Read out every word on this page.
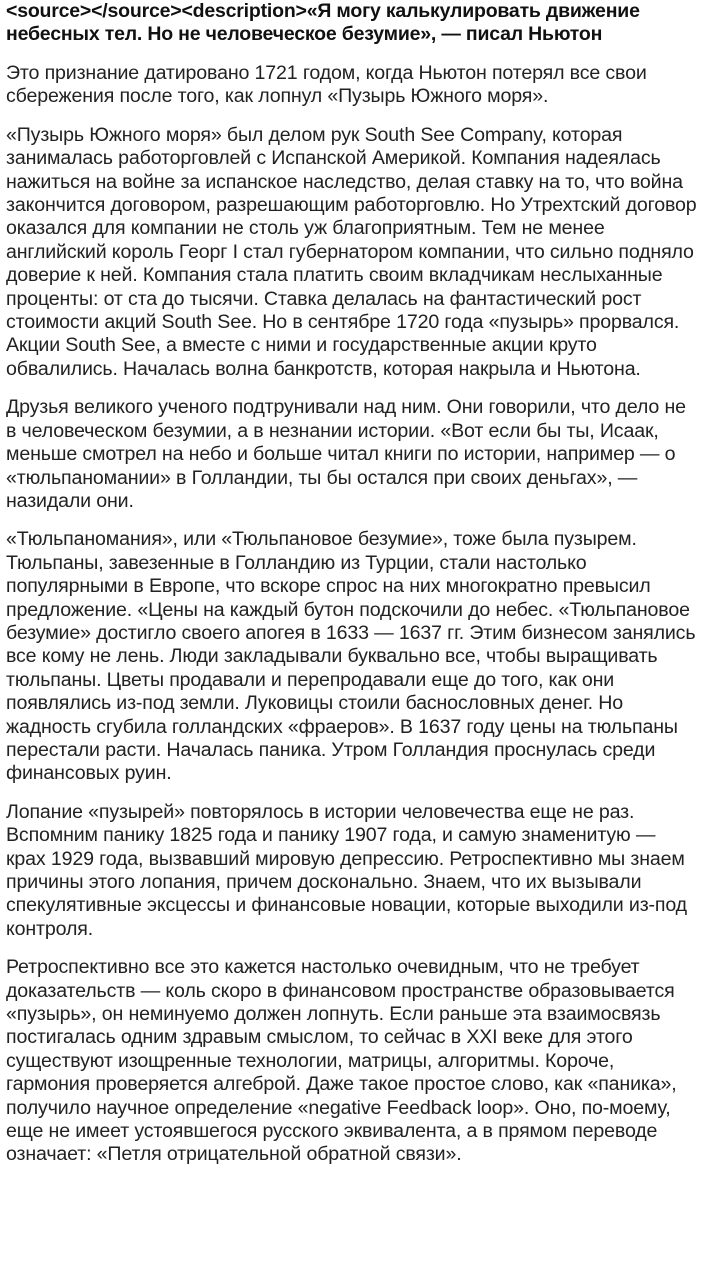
<source></source><description>«Я могу калькулировать движение небесных тел. Но не человеческое безумие», — писал Ньютон

Это признание датировано 1721 годом, когда Ньютон потерял все свои сбережения после того, как лопнул «Пузырь Южного моря».

«Пузырь Южного моря» был делом рук South See Company, которая занималась работорговлей с Испанской Америкой. Компания надеялась нажиться на войне за испанское наследство, делая ставку на то, что война закончится договором, разрешающим работорговлю. Но Утрехтский договор оказался для компании не столь уж благоприятным. Тем не менее английский король Георг I стал губернатором компании, что сильно подняло доверие к ней. Компания стала платить своим вкладчикам неслыханные проценты: от ста до тысячи. Ставка делалась на фантастический рост стоимости акций South See. Но в сентябре 1720 года «пузырь» прорвался. Акции South See, а вместе с ними и государственные акции круто обвалились. Началась волна банкротств, которая накрыла и Ньютона.

Друзья великого ученого подтрунивали над ним. Они говорили, что дело не в человеческом безумии, а в незнании истории. «Вот если бы ты, Исаак, меньше смотрел на небо и больше читал книги по истории, например — о «тюльпаномании» в Голландии, ты бы остался при своих деньгах», — назидали они.

«Тюльпаномания», или «Тюльпановое безумие», тоже была пузырем. Тюльпаны, завезенные в Голландию из Турции, стали настолько популярными в Европе, что вскоре спрос на них многократно превысил предложение. «Цены на каждый бутон подскочили до небес. «Тюльпановое безумие» достигло своего апогея в 1633 — 1637 гг. Этим бизнесом занялись все кому не лень. Люди закладывали буквально все, чтобы выращивать тюльпаны. Цветы продавали и перепродавали еще до того, как они появлялись из-под земли. Луковицы стоили баснословных денег. Но жадность сгубила голландских «фраеров». В 1637 году цены на тюльпаны перестали расти. Началась паника. Утром Голландия проснулась среди финансовых руин.

Лопание «пузырей» повторялось в истории человечества еще не раз. Вспомним панику 1825 года и панику 1907 года, и самую знаменитую — крах 1929 года, вызвавший мировую депрессию. Ретроспективно мы знаем причины этого лопания, причем досконально. Знаем, что их вызывали спекулятивные эксцессы и финансовые новации, которые выходили из-под контроля.

Ретроспективно все это кажется настолько очевидным, что не требует доказательств — коль скоро в финансовом пространстве образовывается «пузырь», он неминуемо должен лопнуть. Если раньше эта взаимосвязь постигалась одним здравым смыслом, то сейчас в XXI веке для этого существуют изощренные технологии, матрицы, алгоритмы. Короче, гармония проверяется алгеброй. Даже такое простое слово, как «паника», получило научное определение «negative Feedback loop». Оно, по-моему, еще не имеет устоявшегося русского эквивалента, а в прямом переводе означает: «Петля отрицательной обратной связи».
